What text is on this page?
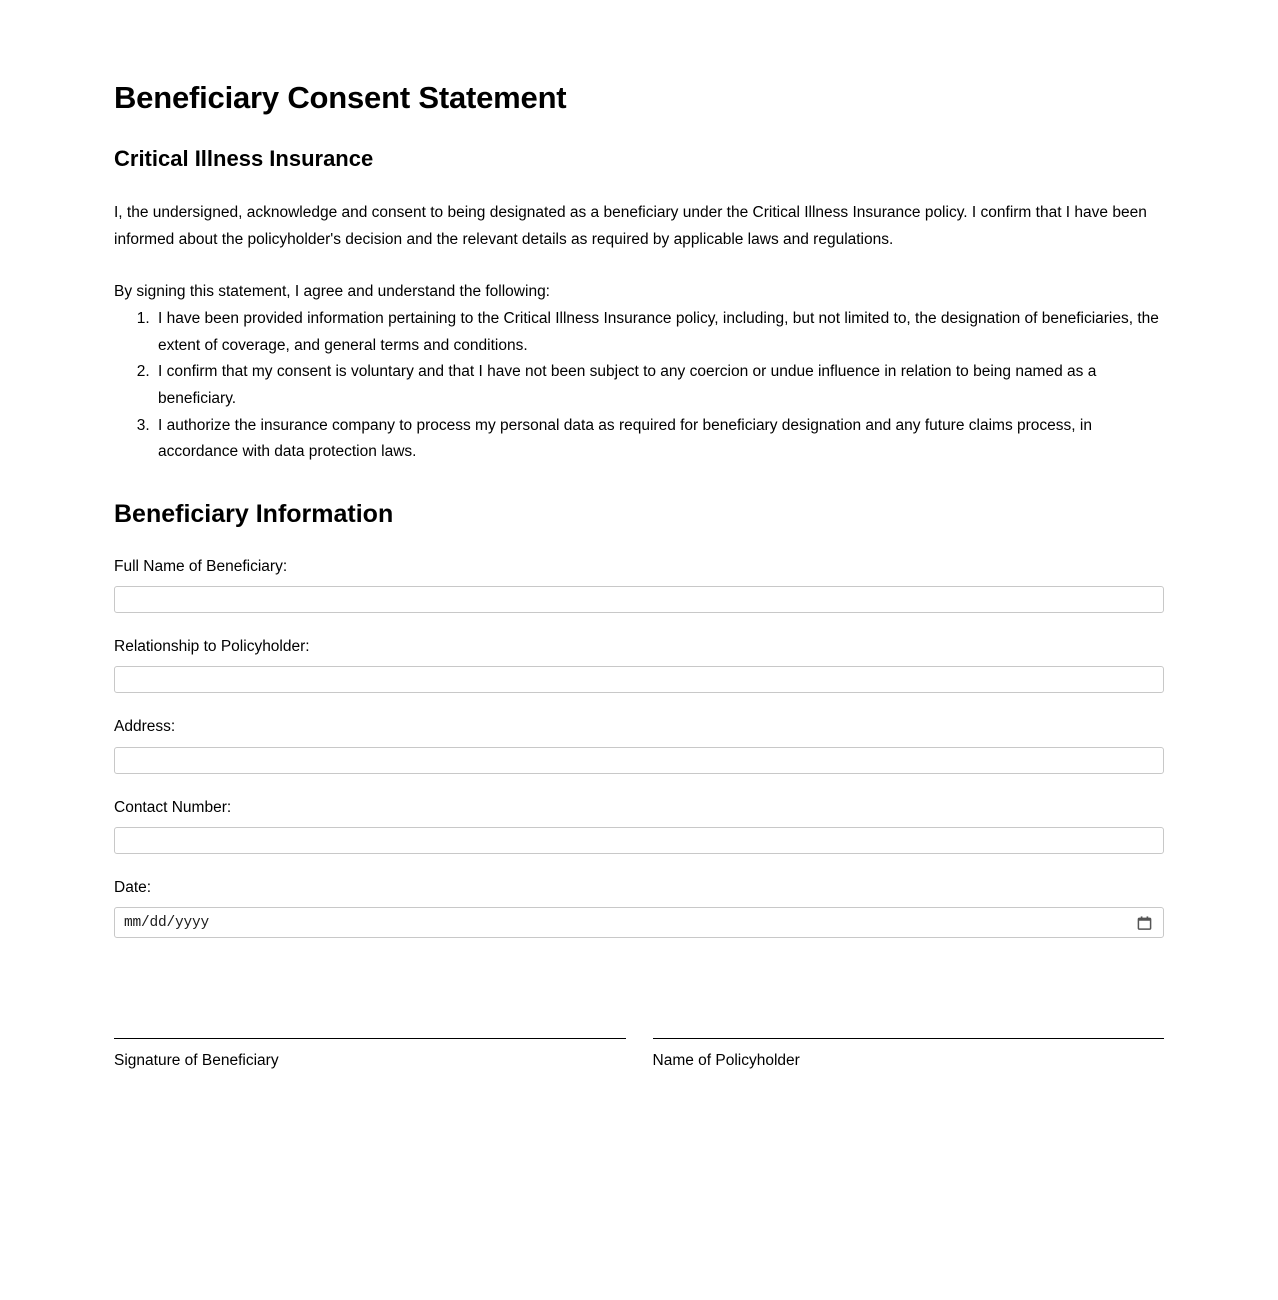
Beneficiary Consent Statement
Critical Illness Insurance

I, the undersigned, acknowledge and consent to being designated as a beneficiary under the Critical Illness Insurance policy. I confirm that I have been informed about the policyholder's decision and the relevant details as required by applicable laws and regulations.

By signing this statement, I agree and understand the following:

1. I have been provided information pertaining to the Critical Illness Insurance policy, including, but not limited to, the designation of beneficiaries, the extent of coverage, and general terms and conditions.
2. I confirm that my consent is voluntary and that I have not been subject to any coercion or undue influence in relation to being named as a beneficiary.
3. I authorize the insurance company to process my personal data as required for beneficiary designation and any future claims process, in accordance with data protection laws.
Beneficiary Information
Full Name of Beneficiary:
Relationship to Policyholder:
Address:
Contact Number:
Date:
mm/dd/yyyy
Signature of Beneficiary	Name of Policyholder
